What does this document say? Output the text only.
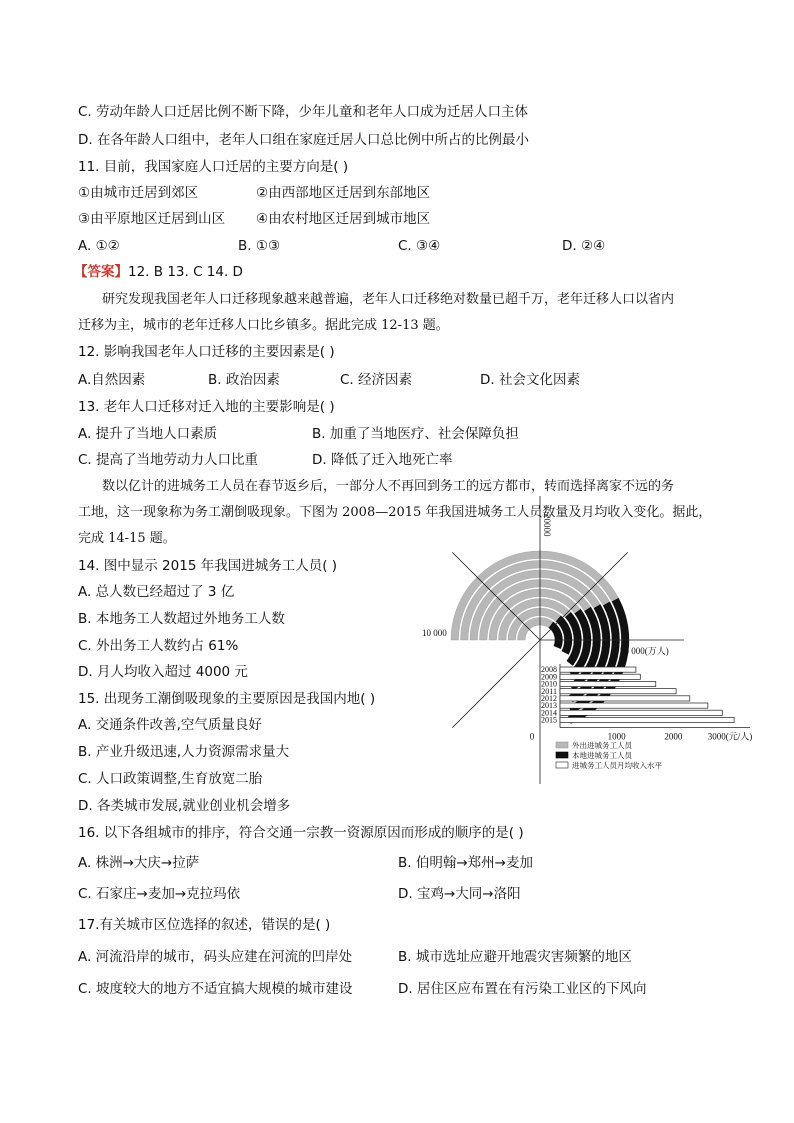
C. 劳动年龄人口迁居比例不断下降，少年儿童和老年人口成为迁居人口主体
D. 在各年龄人口组中，老年人口组在家庭迁居人口总比例中所占的比例最小
11. 目前，我国家庭人口迁居的主要方向是( )
①由城市迁居到郊区	②由西部地区迁居到东部地区
③由平原地区迁居到山区 ④由农村地区迁居到城市地区
A. ①②	B. ①③	C. ③④	D. ②④
【答案】12. B 13. C 14. D
研究发现我国老年人口迁移现象越来越普遍，老年人口迁移绝对数量已超千万，老年迁移人口以省内
迁移为主，城市的老年迁移人口比乡镇多。据此完成 12-13 题。
12. 影响我国老年人口迁移的主要因素是( )
A.自然因素	B. 政治因素	C. 经济因素	D. 社会文化因素
13. 老年人口迁移对迁入地的主要影响是( )
A. 提升了当地人口素质	B. 加重了当地医疗、社会保障负担
C. 提高了当地劳动力人口比重	D. 降低了迁入地死亡率
数以亿计的进城务工人员在春节返乡后，一部分人不再回到务工的远方都市，转而选择离家不远的务
工地，这一现象称为务工潮倒吸现象。下图为 2008—2015 年我国进城务工人员数量及月均收入变化。据此，
完成 14-15 题。
14. 图中显示 2015 年我国进城务工人员( )
A. 总人数已经超过了 3 亿
B. 本地务工人数超过外地务工人数
C. 外出务工人数约占 61%
D. 月人均收入超过 4000 元
15. 出现务工潮倒吸现象的主要原因是我国内地( )
A. 交通条件改善,空气质量良好
B. 产业升级迅速,人力资源需求量大
C. 人口政策调整,生育放宽二胎
D. 各类城市发展,就业创业机会增多
16. 以下各组城市的排序，符合交通一宗教一资源原因而形成的顺序的是( )
A. 株洲→大庆→拉萨	B. 伯明翰→郑州→麦加
C. 石家庄→麦加→克拉玛依	D. 宝鸡→大同→洛阳
17.有关城市区位选择的叙述，错误的是( )
A. 河流沿岸的城市，码头应建在河流的凹岸处	B. 城市选址应避开地震灾害频繁的地区
C. 坡度较大的地方不适宜搞大规模的城市建设	D. 居住区应布置在有污染工业区的下风向
10 000
20000
30 000(万人)
2008
2009
2010
2011
2012
2013
2014
2015
0	1000	2000	3000(元/人)
外出进城务工人员
本地进城务工人员
进城务工人员月均收入水平
